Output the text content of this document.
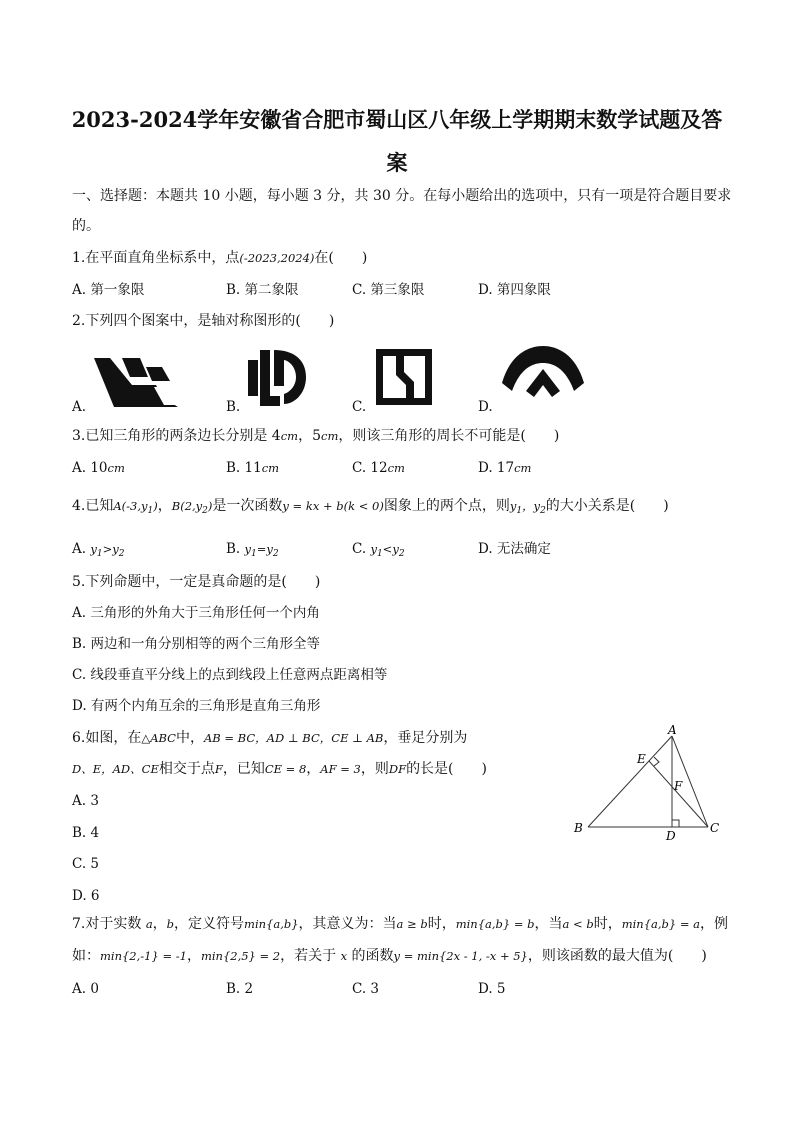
2023-2024学年安徽省合肥市蜀山区八年级上学期期末数学试题及答
案
一、选择题：本题共 10 小题，每小题 3 分，共 30 分。在每小题给出的选项中，只有一项是符合题目要求
的。
1.在平面直角坐标系中，点(-2023,2024)在(　　)
A. 第一象限	B. 第二象限	C. 第三象限	D. 第四象限
2.下列四个图案中，是轴对称图形的(　　)
A.	B.	C.	D.
3.已知三角形的两条边长分别是 4cm，5cm，则该三角形的周长不可能是(　　)
A. 10cm	B. 11cm	C. 12cm	D. 17cm
4.已知$A(-3,y_1)$，$B(2,y_2)$是一次函数y = kx + b(k < 0)图象上的两个点，则$y_1$，$y_2$的大小关系是(　　)
A. $y_1>y_2$	B. $y_1=y_2$	C. $y_1<y_2$	D. 无法确定
5.下列命题中，一定是真命题的是(　　)
A. 三角形的外角大于三角形任何一个内角
B. 两边和一角分别相等的两个三角形全等
C. 线段垂直平分线上的点到线段上任意两点距离相等
D. 有两个内角互余的三角形是直角三角形
6.如图，在△ABC中，AB = BC，AD ⊥ BC，CE ⊥ AB，垂足分别为
D、E，AD、CE相交于点F，已知CE = 8，AF = 3，则DF的长是(　　)
A. 3
B. 4
C. 5
D. 6
A
B	C
D
E
F
7.对于实数 a，b，定义符号min{a,b}，其意义为：当a ≥ b时，min{a,b} = b，当a < b时，min{a,b} = a，例
如：min{2,-1} = -1，min{2,5} = 2，若关于 x 的函数y = min{2x - 1, -x + 5}，则该函数的最大值为(　　)
A. 0	B. 2	C. 3	D. 5
